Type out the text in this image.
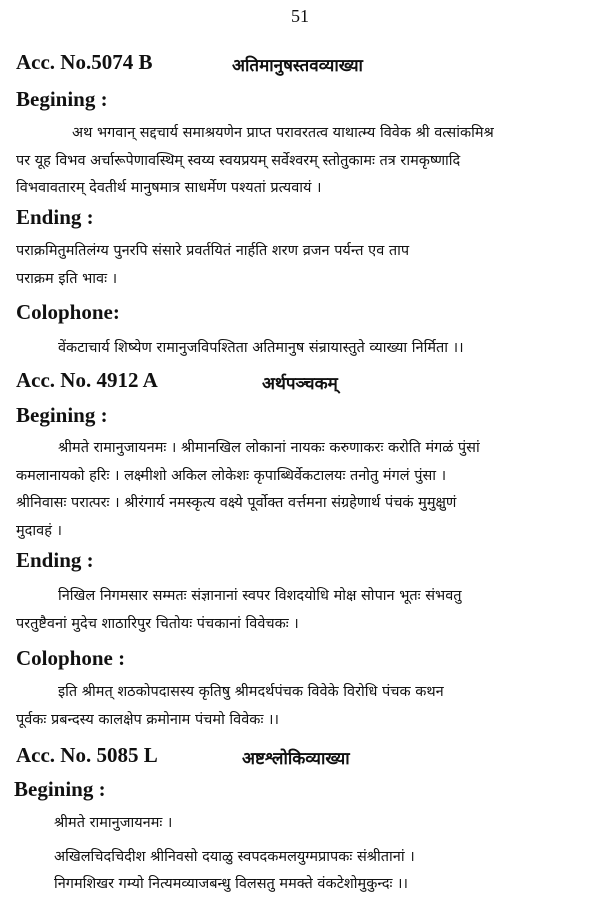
51
Acc. No.5074 B	अतिमानुषस्तवव्याख्या
Begining :
अथ भगवान् सद्दचार्य समाश्रयणेन प्राप्त परावरतत्व याथात्म्य विवेक श्री वत्सांकमिश्र
पर यूह विभव अर्चारूपेणावस्थिम् स्वय्य स्वयप्रयम् सर्वेश्वरम् स्तोतुकामः तत्र रामकृष्णादि
विभवावतारम् देवतीर्थ मानुषमात्र साधर्मेण पश्यतां प्रत्यवायं ।
Ending :
पराक्रमितुमतिलंग्य पुनरपि संसारे प्रवर्तयितं नार्हति शरण व्रजन पर्यन्त एव ताप
पराक्रम इति भावः ।
Colophone:
वेंकटाचार्य शिष्येण रामानुजविपश्तिता अतिमानुष संन्रायास्तुते व्याख्या निर्मिता ।।
Acc. No. 4912 A	अर्थपञ्चकम्
Begining :
श्रीमते रामानुजायनमः । श्रीमानखिल लोकानां नायकः करुणाकरः करोति मंगळं पुंसां
कमलानायको हरिः । लक्ष्मीशो अकिल लोकेशः कृपाब्धिर्वेकटालयः तनोतु मंगलं पुंसा ।
श्रीनिवासः परात्परः । श्रीरंगार्य नमस्कृत्य वक्ष्ये पूर्वोक्त वर्त्तमना संग्रहेणार्थ पंचकं मुमुक्षुणं
मुदावहं ।
Ending :
निखिल निगमसार सम्मतः संज्ञानानां स्वपर विशदयोधि मोक्ष सोपान भूतः संभवतु
परतुष्टैवनां मुदेच शाठारिपुर चितोयः पंचकानां विवेचकः ।
Colophone :
इति श्रीमत् शठकोपदासस्य कृतिषु श्रीमदर्थपंचक विवेके विरोधि पंचक कथन
पूर्वकः प्रबन्दस्य कालक्षेप क्रमोनाम पंचमो विवेकः ।।
Acc. No. 5085 L	अष्टश्लोकिव्याख्या
Begining :
श्रीमते रामानुजायनमः ।
अखिलचिदचिदीश श्रीनिवसो दयाळु स्वपदकमलयुग्मप्रापकः संश्रीतानां ।
निगमशिखर गम्यो नित्यमव्याजबन्धु विलसतु ममक्ते वंकटेशोमुकुन्दः ।।
